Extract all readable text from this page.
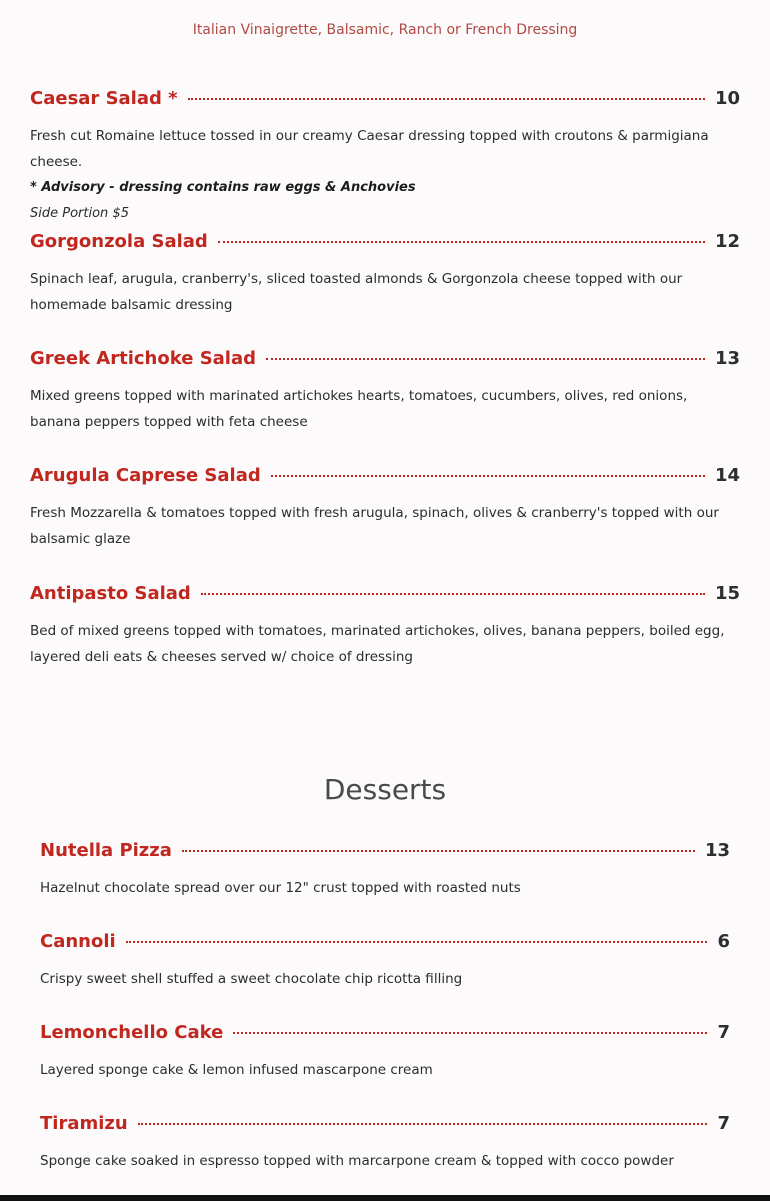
Italian Vinaigrette, Balsamic, Ranch or French Dressing
Caesar Salad *	10
Fresh cut Romaine lettuce tossed in our creamy Caesar dressing topped with croutons & parmigiana cheese.
* Advisory - dressing contains raw eggs & Anchovies
Side Portion $5
Gorgonzola Salad	12
Spinach leaf, arugula, cranberry's, sliced toasted almonds & Gorgonzola cheese topped with our homemade balsamic dressing
Greek Artichoke Salad	13
Mixed greens topped with marinated artichokes hearts, tomatoes, cucumbers, olives, red onions, banana peppers topped with feta cheese
Arugula Caprese Salad	14
Fresh Mozzarella & tomatoes topped with fresh arugula, spinach, olives & cranberry's topped with our balsamic glaze
Antipasto Salad	15
Bed of mixed greens topped with tomatoes, marinated artichokes, olives, banana peppers, boiled egg, layered deli eats & cheeses served w/ choice of dressing
Desserts
Nutella Pizza	13
Hazelnut chocolate spread over our 12" crust topped with roasted nuts
Cannoli	6
Crispy sweet shell stuffed a sweet chocolate chip ricotta filling
Lemonchello Cake	7
Layered sponge cake & lemon infused mascarpone cream
Tiramizu	7
Sponge cake soaked in espresso topped with marcarpone cream & topped with cocco powder
